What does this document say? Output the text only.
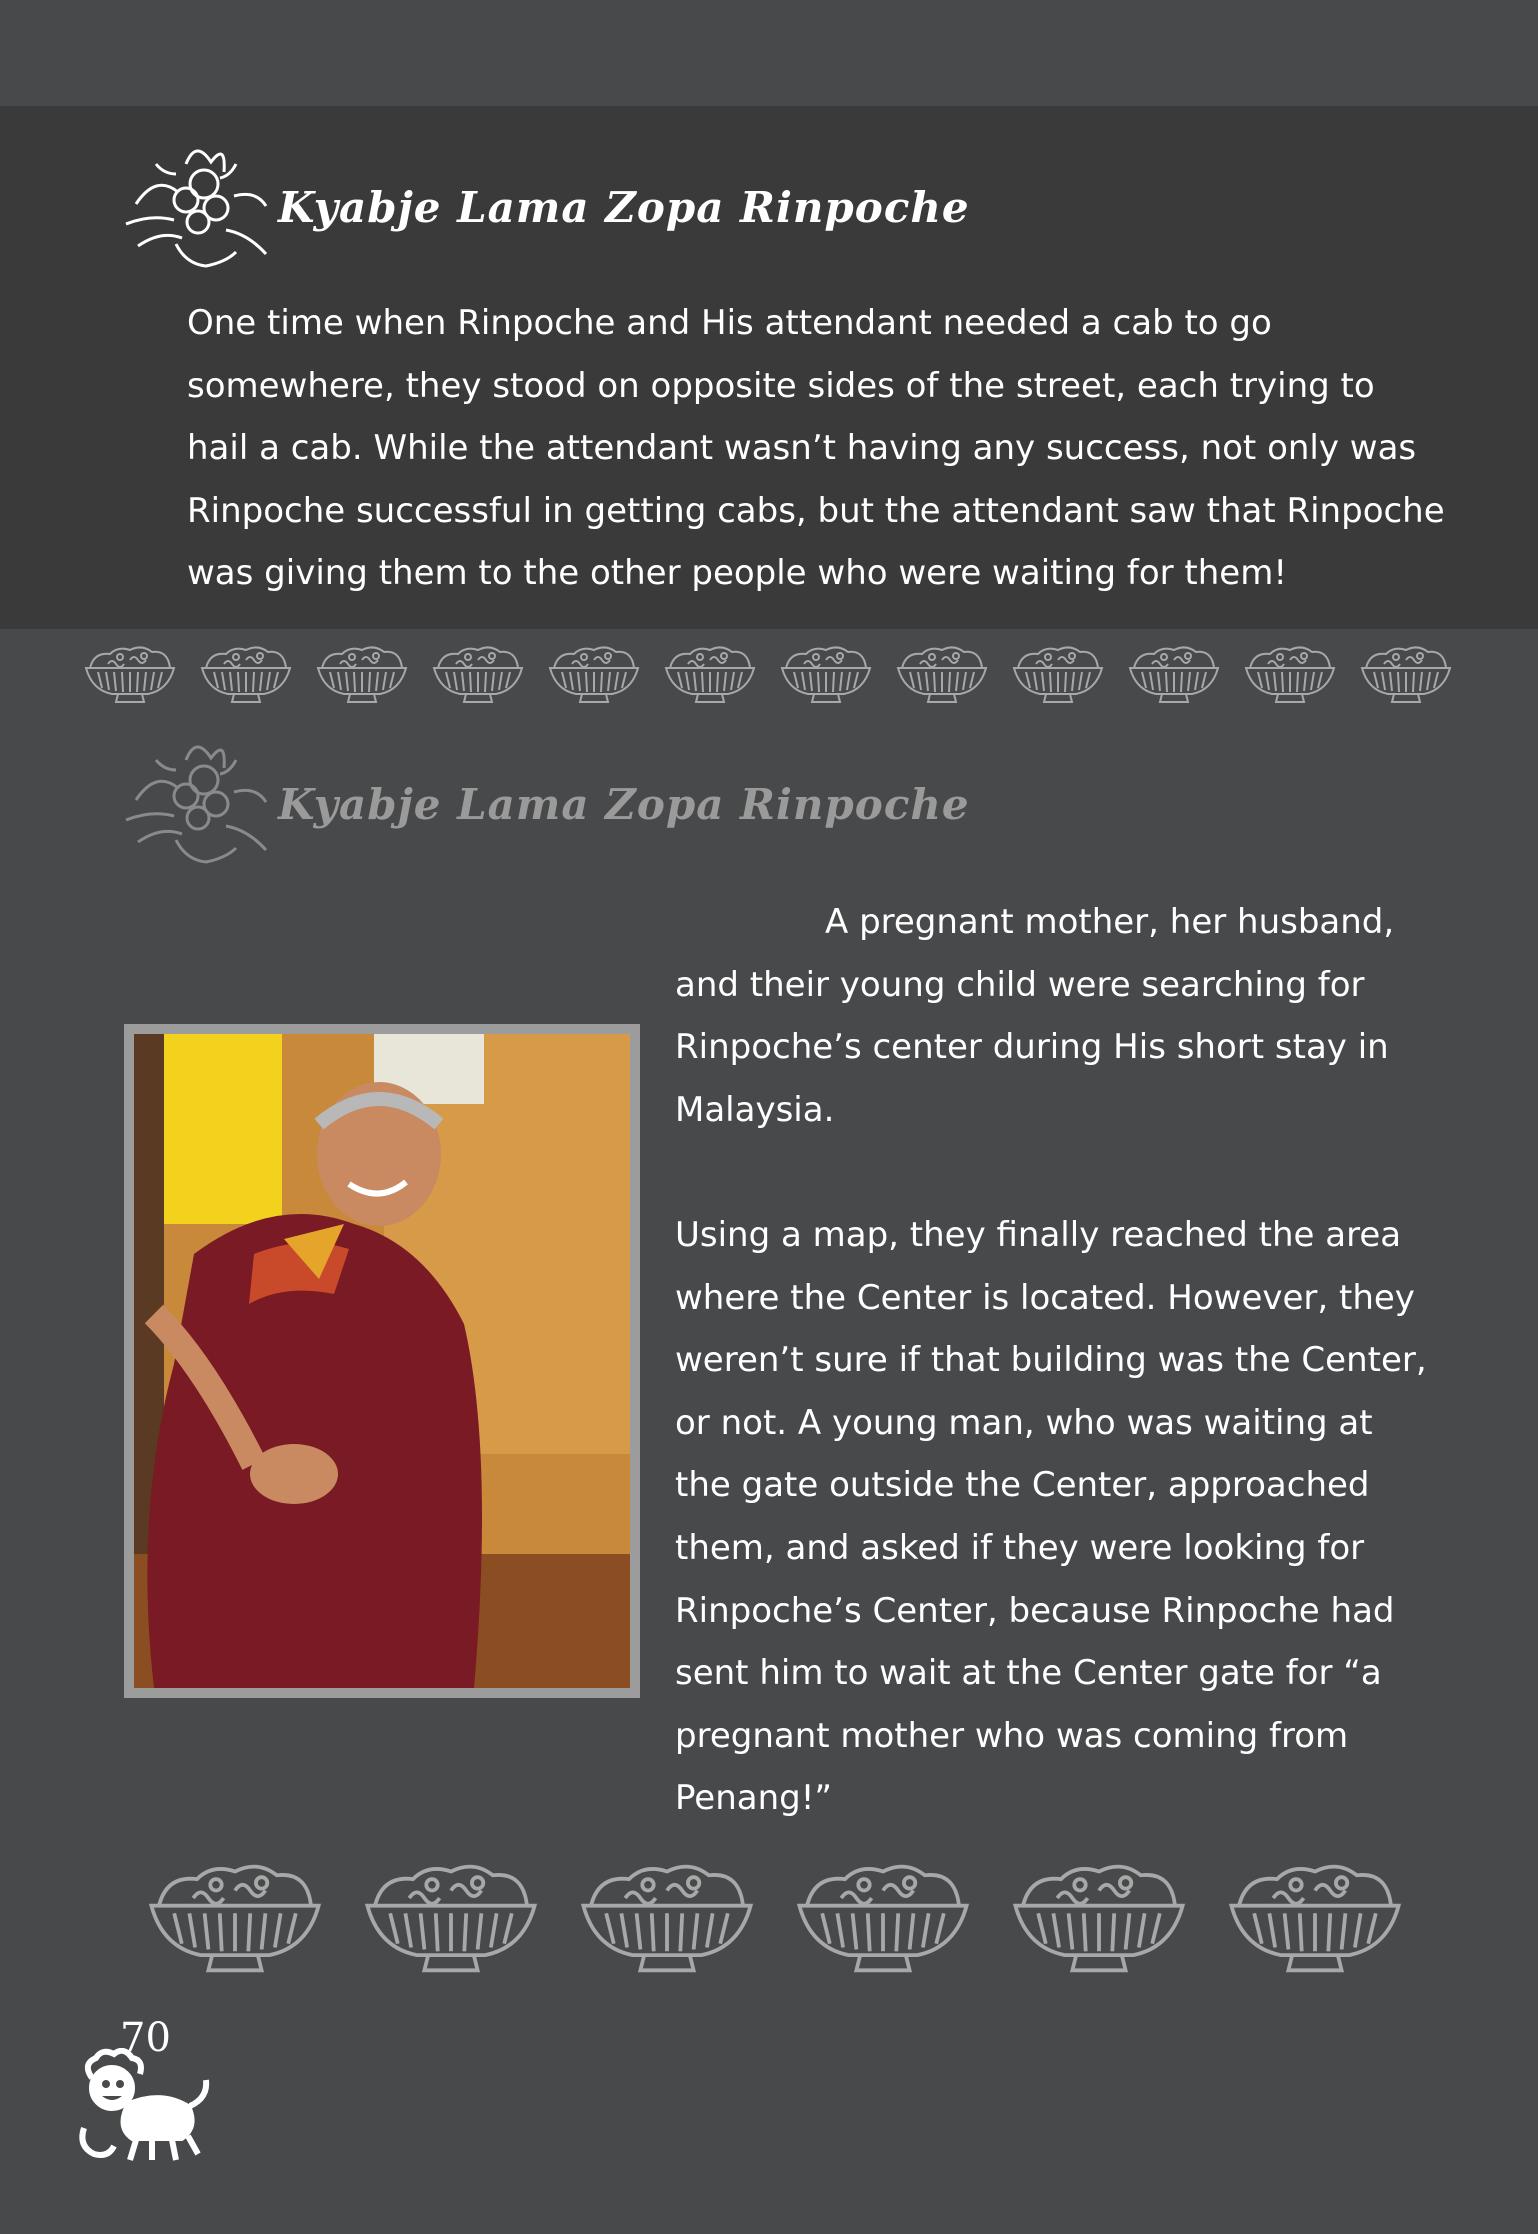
Kyabje Lama Zopa Rinpoche
One time when Rinpoche and His attendant needed a cab to go
somewhere, they stood on opposite sides of the street, each trying to
hail a cab. While the attendant wasn’t having any success, not only was
Rinpoche successful in getting cabs, but the attendant saw that Rinpoche
was giving them to the other people who were waiting for them!
Kyabje Lama Zopa Rinpoche
A pregnant mother, her husband,
and their young child were searching for
Rinpoche’s center during His short stay in
Malaysia.
Using a map, they finally reached the area
where the Center is located. However, they
weren’t sure if that building was the Center,
or not. A young man, who was waiting at
the gate outside the Center, approached
them, and asked if they were looking for
Rinpoche’s Center, because Rinpoche had
sent him to wait at the Center gate for “a
pregnant mother who was coming from
Penang!”
70
